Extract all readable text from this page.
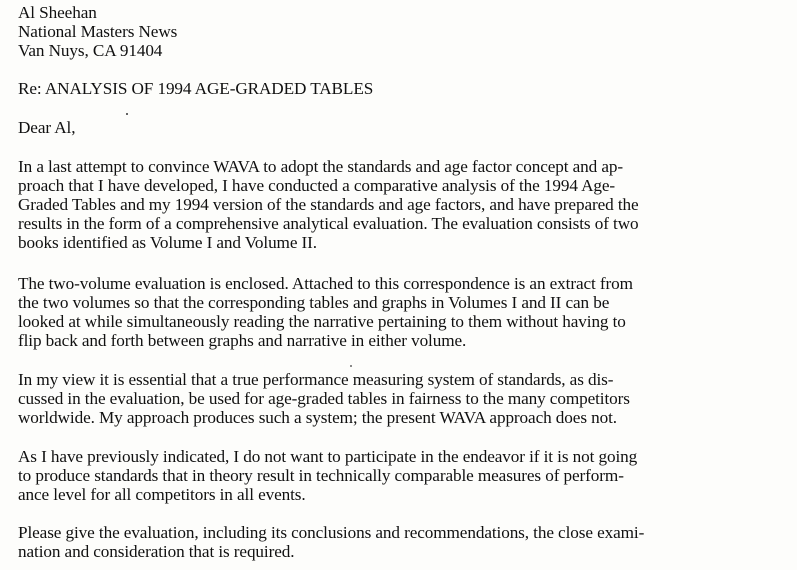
Al Sheehan
National Masters News
Van Nuys, CA 91404
Re: ANALYSIS OF 1994 AGE-GRADED TABLES
Dear Al,
In a last attempt to convince WAVA to adopt the standards and age factor concept and ap-
proach that I have developed, I have conducted a comparative analysis of the 1994 Age-
Graded Tables and my 1994 version of the standards and age factors, and have prepared the
results in the form of a comprehensive analytical evaluation. The evaluation consists of two
books identified as Volume I and Volume II.
The two-volume evaluation is enclosed. Attached to this correspondence is an extract from
the two volumes so that the corresponding tables and graphs in Volumes I and II can be
looked at while simultaneously reading the narrative pertaining to them without having to
flip back and forth between graphs and narrative in either volume.
In my view it is essential that a true performance measuring system of standards, as dis-
cussed in the evaluation, be used for age-graded tables in fairness to the many competitors
worldwide. My approach produces such a system; the present WAVA approach does not.
As I have previously indicated, I do not want to participate in the endeavor if it is not going
to produce standards that in theory result in technically comparable measures of perform-
ance level for all competitors in all events.
Please give the evaluation, including its conclusions and recommendations, the close exami-
nation and consideration that is required.
